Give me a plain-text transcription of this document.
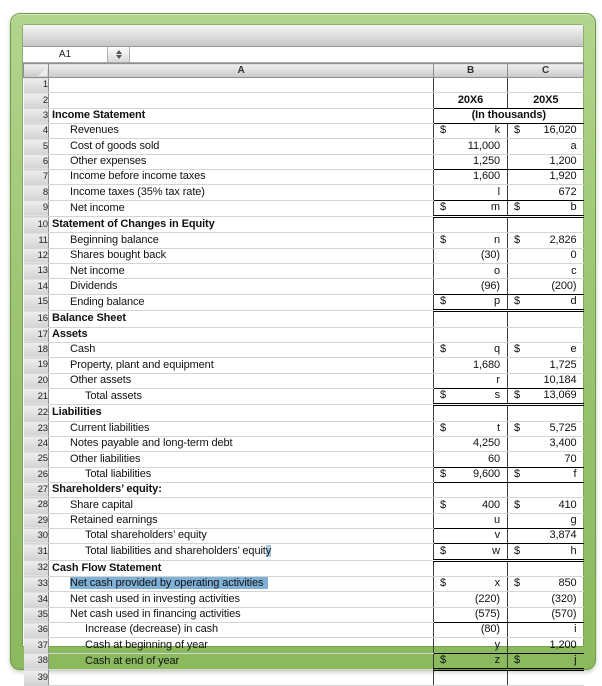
A1
	A	B	C
1			
2		20X6	20X5

3	Income Statement	(In thousands)	

4	Revenues	$ k	$ 16,020

5	Cost of goods sold	11,000	a

6	Other expenses	1,250	1,200

7	Income before income taxes	1,600	1,920

8	Income taxes (35% tax rate)	l	672

9	Net income	$ m	$ b

10	Statement of Changes in Equity		

11	Beginning balance	$ n	$ 2,826

12	Shares bought back	(30)	0

13	Net income	o	c

14	Dividends	(96)	(200)

15	Ending balance	$ p	$ d

16	Balance Sheet		

17	Assets		

18	Cash	$ q	$ e

19	Property, plant and equipment	1,680	1,725

20	Other assets	r	10,184

21	Total assets	$ s	$ 13,069

22	Liabilities		

23	Current liabilities	$ t	$ 5,725

24	Notes payable and long-term debt	4,250	3,400

25	Other liabilities	60	70

26	Total liabilities	$ 9,600	$ f

27	Shareholders’ equity:		

28	Share capital	$ 400	$ 410

29	Retained earnings	u	g

30	Total shareholders’ equity	v	3,874

31	Total liabilities and shareholders’ equity	$ w	$ h

32	Cash Flow Statement		

33	Net cash provided by operating activities	$ x	$ 850

34	Net cash used in investing activities	(220)	(320)

35	Net cash used in financing activities	(575)	(570)

36	Increase (decrease) in cash	(80)	i

37	Cash at beginning of year	y	1,200

38	Cash at end of year	$ z	$ j

39			
